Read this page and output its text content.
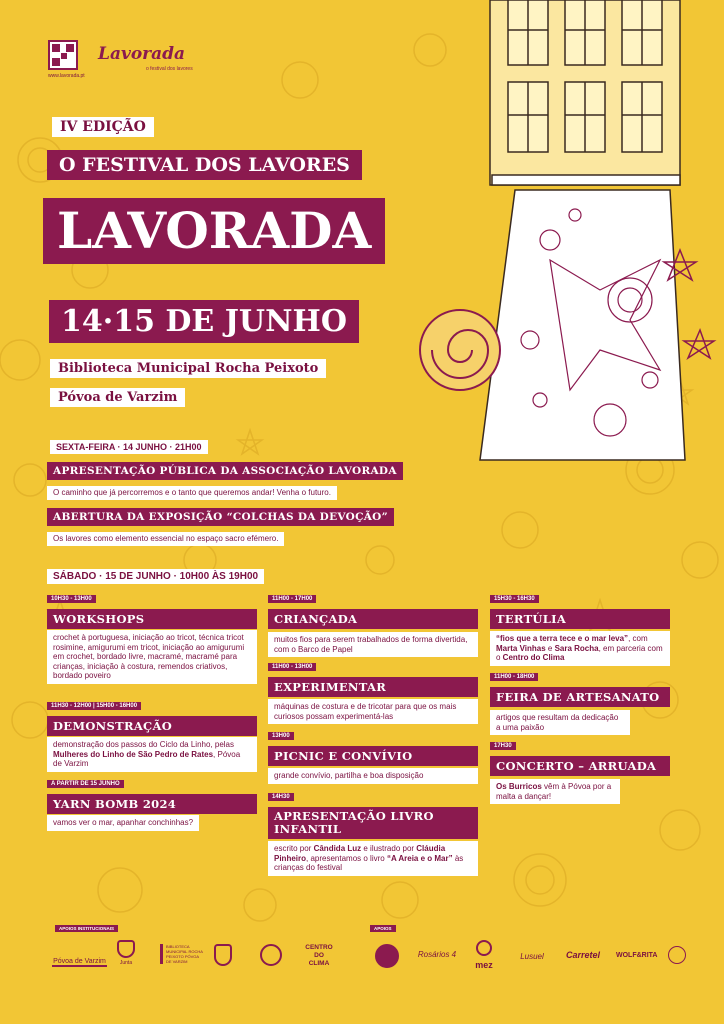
www.lavorada.pt
Lavorada
o festival dos lavores
IV EDIÇÃO
O FESTIVAL DOS LAVORES
LAVORADA
14·15 DE JUNHO
Biblioteca Municipal Rocha Peixoto
Póvoa de Varzim
SEXTA-FEIRA · 14 JUNHO · 21H00
APRESENTAÇÃO PÚBLICA DA ASSOCIAÇÃO LAVORADA
O caminho que já percorremos e o tanto que queremos andar! Venha o futuro.
ABERTURA DA EXPOSIÇÃO “COLCHAS DA DEVOÇÃO”
Os lavores como elemento essencial no espaço sacro efémero.
SÁBADO · 15 DE JUNHO · 10H00 ÀS 19H00
10H30 - 13H00
WORKSHOPS
crochet à portuguesa, iniciação ao tricot, técnica tricot rosimine, amigurumi em tricot, iniciação ao amigurumi em crochet, bordado livre, macramé, macramé para crianças, iniciação à costura, remendos criativos, bordado poveiro
11H30 - 12H00 | 15H00 - 16H00
DEMONSTRAÇÃO
demonstração dos passos do Ciclo da Linho, pelas Mulheres do Linho de São Pedro de Rates, Póvoa de Varzim
A PARTIR DE 15 JUNHO
YARN BOMB 2024
vamos ver o mar, apanhar conchinhas?
11H00 - 17H00
CRIANÇADA
muitos fios para serem trabalhados de forma divertida, com o Barco de Papel
11H00 - 13H00
EXPERIMENTAR
máquinas de costura e de tricotar para que os mais curiosos possam experimentá-las
13H00
PICNIC E CONVÍVIO
grande convívio, partilha e boa disposição
14H30
APRESENTAÇÃO LIVRO
INFANTIL
escrito por Cândida Luz e ilustrado por Cláudia Pinheiro, apresentamos o livro “A Areia e o Mar” às crianças do festival
15H30 - 16H30
TERTÚLIA
“fios que a terra tece e o mar leva”, com Marta Vinhas e Sara Rocha, em parceria com o Centro do Clima
11H00 - 18H00
FEIRA DE ARTESANATO
artigos que resultam da dedicação a uma paixão
17H30
CONCERTO – ARRUADA
Os Burricos vêm à Póvoa por a malta a dançar!
APOIOS INSTITUCIONAIS	APOIOS
Póvoa de Varzim	Junta
BIBLIOTECA MUNICIPAL ROCHA PEIXOTO PÓVOA DE VARZIM
CENTRO DO CLIMA
Rosários 4
mez
Lusuel	Carretel	WOLF&RITA
